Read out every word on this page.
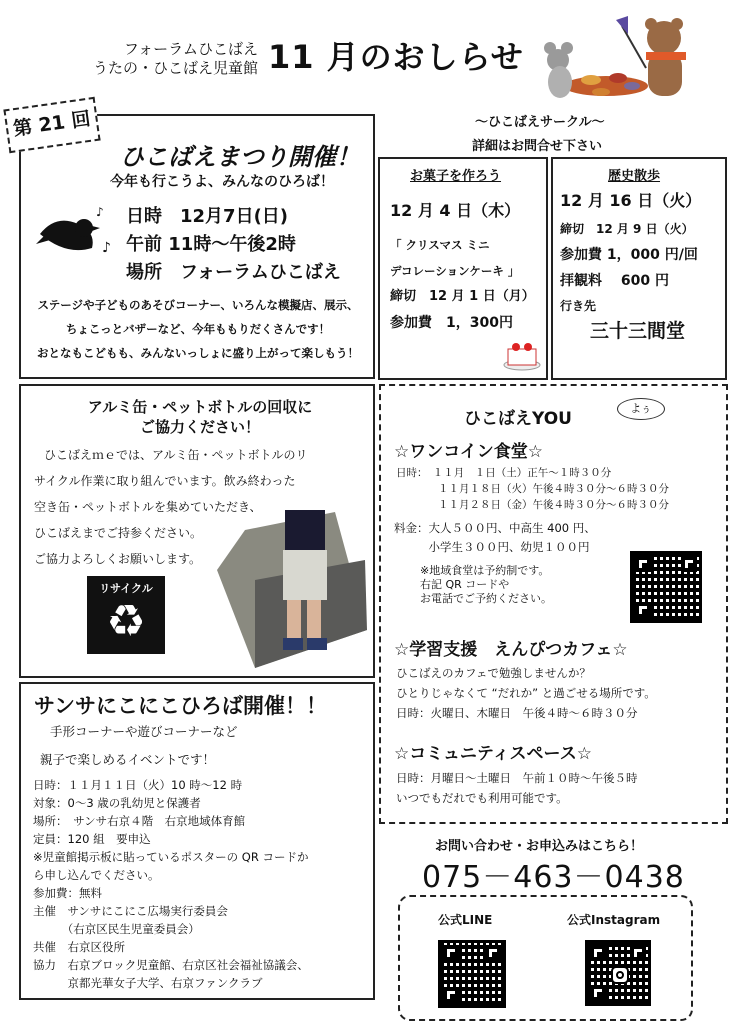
フォーラムひこばえ
うたの・ひこばえ児童館 11 月のおしらせ
第 21 回
ひこばえまつり開催！
今年も行こうよ、みんなのひろば！
♪
♪
日時　12月7日(日)
午前 11時～午後2時
場所　フォーラムひこばえ
ステージや子どものあそびコーナー、いろんな模擬店、展示、
ちょこっとバザーなど、今年ももりだくさんです！
おとなもこどもも、みんないっしょに盛り上がって楽しもう！
～ひこばえサークル～
詳細はお問合せ下さい
お菓子を作ろう
12 月 4 日（木）
「 クリスマス ミニ
デコレーションケーキ 」
締切　12 月 1 日（月）
参加費　1，300円
歴史散歩
12 月 16 日（火）
締切　12 月 9 日（火）
参加費 1，000 円/回
拝観料　 600 円
行き先
三十三間堂
アルミ缶・ペットボトルの回収に
ご協力ください！
ひこばえｍｅでは、アルミ缶・ペットボトルのリ
サイクル作業に取り組んでいます。飲み終わった
空き缶・ペットボトルを集めていただき、
ひこばえまでご持参ください。
ご協力よろしくお願いします。
リサイクル
♻
サンサにこにこひろば開催！！
手形コーナーや遊びコーナーなど
親子で楽しめるイベントです！
日時：１１月１１日（火）10 時～12 時
対象：0～3 歳の乳幼児と保護者
場所：　サンサ右京４階　右京地域体育館
定員：120 組　要申込
※児童館掲示板に貼っているポスターの QR コードか
ら申し込んでください。
参加費：無料
主催　サンサにこにこ広場実行委員会
　　　（右京区民生児童委員会）
共催　右京区役所
協力　右京ブロック児童館、右京区社会福祉協議会、
　　　京都光華女子大学、右京ファンクラブ
ひこばえYOU
よぅ
☆ワンコイン食堂☆
日時：　１１月　１日（土）正午～１時３０分
　　　　１１月１８日（火）午後４時３０分～６時３０分
　　　　１１月２８日（金）午後４時３０分～６時３０分
料金：大人５００円、中高生 400 円、
　　　小学生３００円、幼児１００円
※地域食堂は予約制です。
右記 QR コードや
お電話でご予約ください。
☆学習支援　えんぴつカフェ☆
ひこばえのカフェで勉強しませんか？
ひとりじゃなくて “だれか” と過ごせる場所です。
日時：火曜日、木曜日　午後４時～６時３０分
☆コミュニティスペース☆
日時：月曜日～土曜日　午前１０時～午後５時
いつでもだれでも利用可能です。
お問い合わせ・お申込みはこちら！
075－463－0438
公式LINE	公式Instagram
